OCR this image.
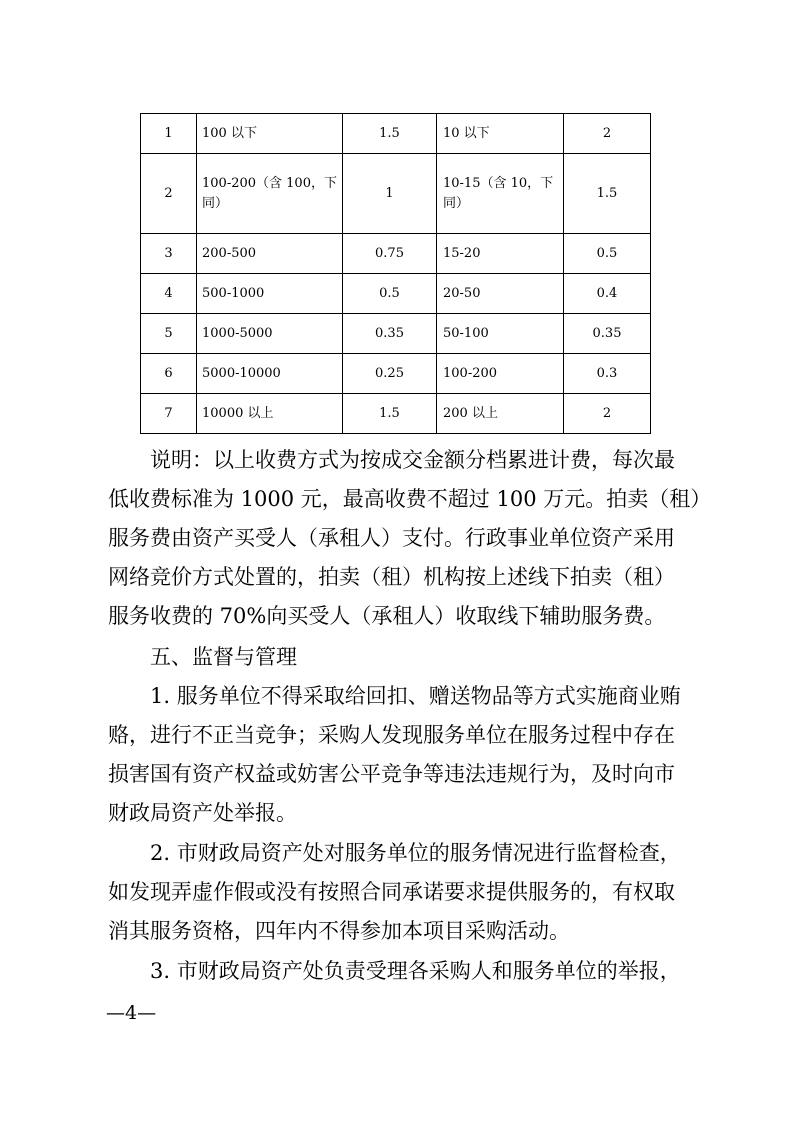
1	100 以下	1.5	10 以下	2
2	100-200（含 100，下同）	1	10-15（含 10，下同）	1.5
3	200-500	0.75	15-20	0.5
4	500-1000	0.5	20-50	0.4
5	1000-5000	0.35	50-100	0.35
6	5000-10000	0.25	100-200	0.3
7	10000 以上	1.5	200 以上	2

说明：以上收费方式为按成交金额分档累进计费，每次最
低收费标准为 1000 元，最高收费不超过 100 万元。拍卖（租）
服务费由资产买受人（承租人）支付。行政事业单位资产采用
网络竞价方式处置的，拍卖（租）机构按上述线下拍卖（租）
服务收费的 70%向买受人（承租人）收取线下辅助服务费。

五、监督与管理

1. 服务单位不得采取给回扣、赠送物品等方式实施商业贿
赂，进行不正当竞争；采购人发现服务单位在服务过程中存在
损害国有资产权益或妨害公平竞争等违法违规行为，及时向市
财政局资产处举报。

2. 市财政局资产处对服务单位的服务情况进行监督检查，
如发现弄虚作假或没有按照合同承诺要求提供服务的，有权取
消其服务资格，四年内不得参加本项目采购活动。

3. 市财政局资产处负责受理各采购人和服务单位的举报，

—4—
